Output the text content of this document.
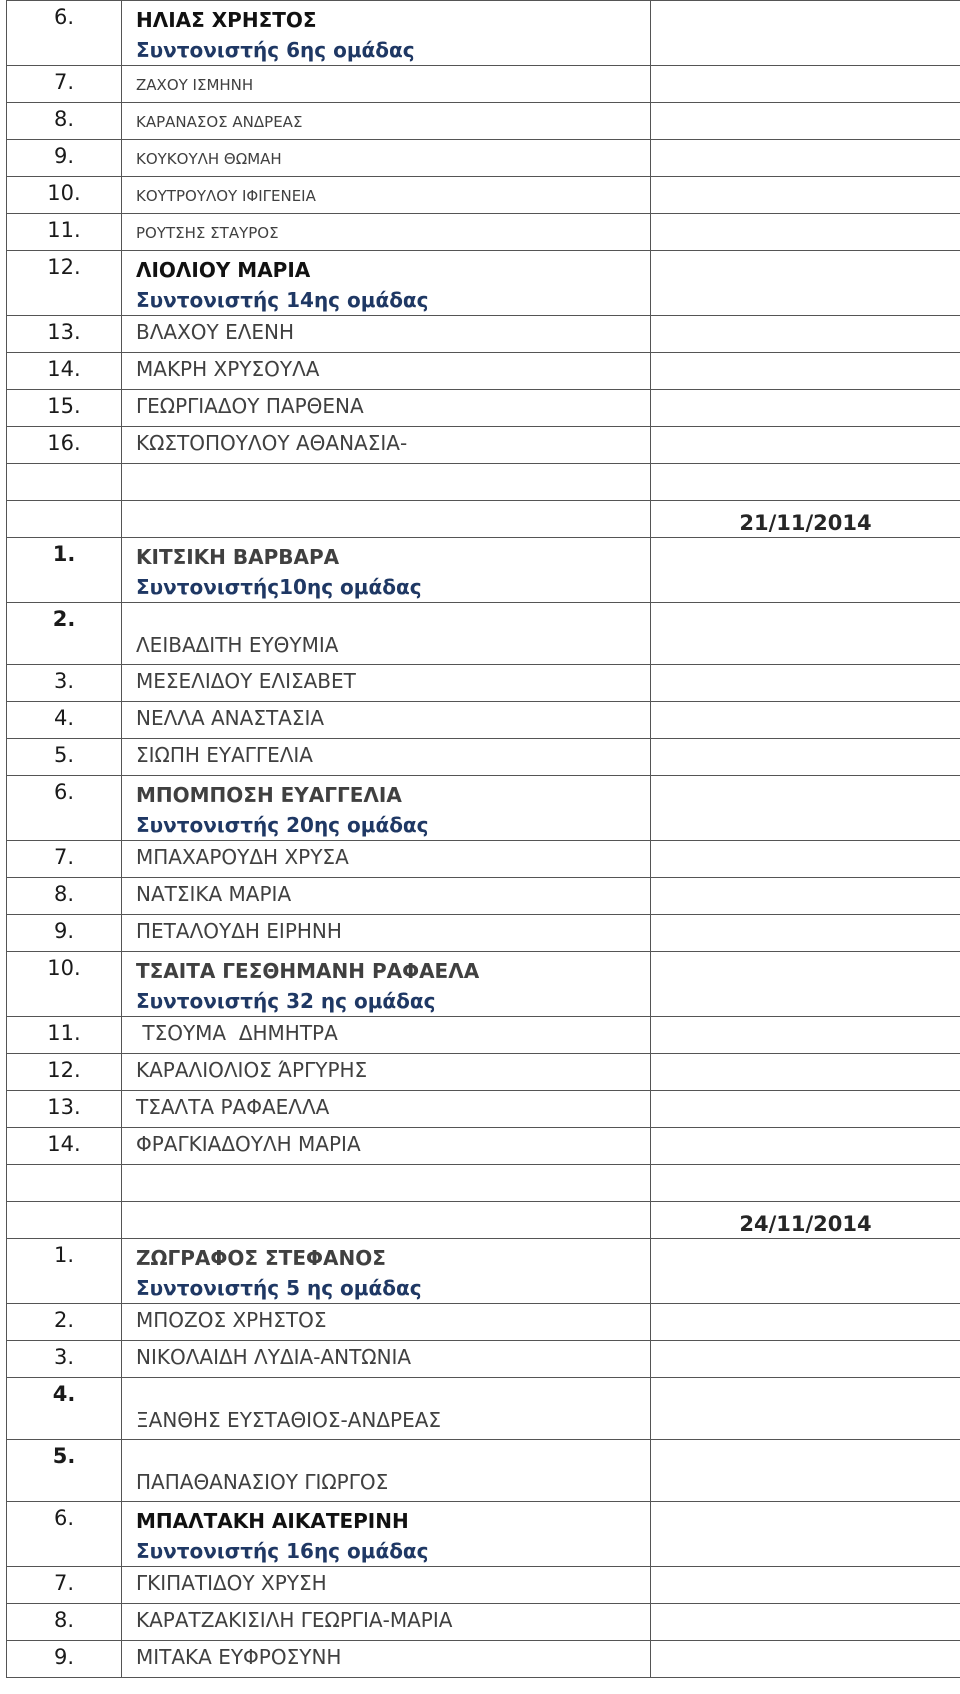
6.	ΗΛΙΑΣ ΧΡΗΣΤΟΣ
Συντονιστής 6ης ομάδας	

7.	ΖΑΧΟΥ ΙΣΜΗΝΗ	
8.	ΚΑΡΑΝΑΣΟΣ ΑΝΔΡΕΑΣ	
9.	ΚΟΥΚΟΥΛΗ ΘΩΜΑΗ	
10.	ΚΟΥΤΡΟΥΛΟΥ ΙΦΙΓΕΝΕΙΑ	
11.	ΡΟΥΤΣΗΣ ΣΤΑΥΡΟΣ	
12.	ΛΙΟΛΙΟΥ ΜΑΡΙΑ
Συντονιστής 14ης ομάδας	

13.	ΒΛΑΧΟΥ ΕΛΕΝΗ	
14.	ΜΑΚΡΗ ΧΡΥΣΟΥΛΑ	
15.	ΓΕΩΡΓΙΑΔΟΥ ΠΑΡΘΕΝΑ	
16.	ΚΩΣΤΟΠΟΥΛΟΥ ΑΘΑΝΑΣΙΑ-	

		21/11/2014
1.	ΚΙΤΣΙΚΗ ΒΑΡΒΑΡΑ
Συντονιστής10ης ομάδας	

2.	ΛΕΙΒΑΔΙΤΗ ΕΥΘΥΜΙΑ	
3.	ΜΕΣΕΛΙΔΟΥ ΕΛΙΣΑΒΕΤ	
4.	ΝΕΛΛΑ ΑΝΑΣΤΑΣΙΑ	
5.	ΣΙΩΠΗ ΕΥΑΓΓΕΛΙΑ	
6.	ΜΠΟΜΠΟΣΗ ΕΥΑΓΓΕΛΙΑ
Συντονιστής 20ης ομάδας	

7.	ΜΠΑΧΑΡΟΥΔΗ ΧΡΥΣΑ	
8.	ΝΑΤΣΙΚΑ ΜΑΡΙΑ	
9.	ΠΕΤΑΛΟΥΔΗ ΕΙΡΗΝΗ	
10.	ΤΣΑΙΤΑ ΓΕΣΘΗΜΑΝΗ ΡΑΦΑΕΛΑ
Συντονιστής 32 ης ομάδας	

11.	ΤΣΟΥΜΑ  ΔΗΜΗΤΡΑ	
12.	ΚΑΡΑΛΙΟΛΙΟΣ ΆΡΓΥΡΗΣ	
13.	ΤΣΑΛΤΑ ΡΑΦΑΕΛΛΑ	
14.	ΦΡΑΓΚΙΑΔΟΥΛΗ ΜΑΡΙΑ	

		24/11/2014
1.	ΖΩΓΡΑΦΟΣ ΣΤΕΦΑΝΟΣ
Συντονιστής 5 ης ομάδας	

2.	ΜΠΟΖΟΣ ΧΡΗΣΤΟΣ	
3.	ΝΙΚΟΛΑΙΔΗ ΛΥΔΙΑ-ΑΝΤΩΝΙΑ	
4.	ΞΑΝΘΗΣ ΕΥΣΤΑΘΙΟΣ-ΑΝΔΡΕΑΣ	
5.	ΠΑΠΑΘΑΝΑΣΙΟΥ ΓΙΩΡΓΟΣ	
6.	ΜΠΑΛΤΑΚΗ ΑΙΚΑΤΕΡΙΝΗ
Συντονιστής 16ης ομάδας	

7.	ΓΚΙΠΑΤΙΔΟΥ ΧΡΥΣΗ	
8.	ΚΑΡΑΤΖΑΚΙΣΙΛΗ ΓΕΩΡΓΙΑ-ΜΑΡΙΑ	
9.	ΜΙΤΑΚΑ ΕΥΦΡΟΣΥΝΗ	
